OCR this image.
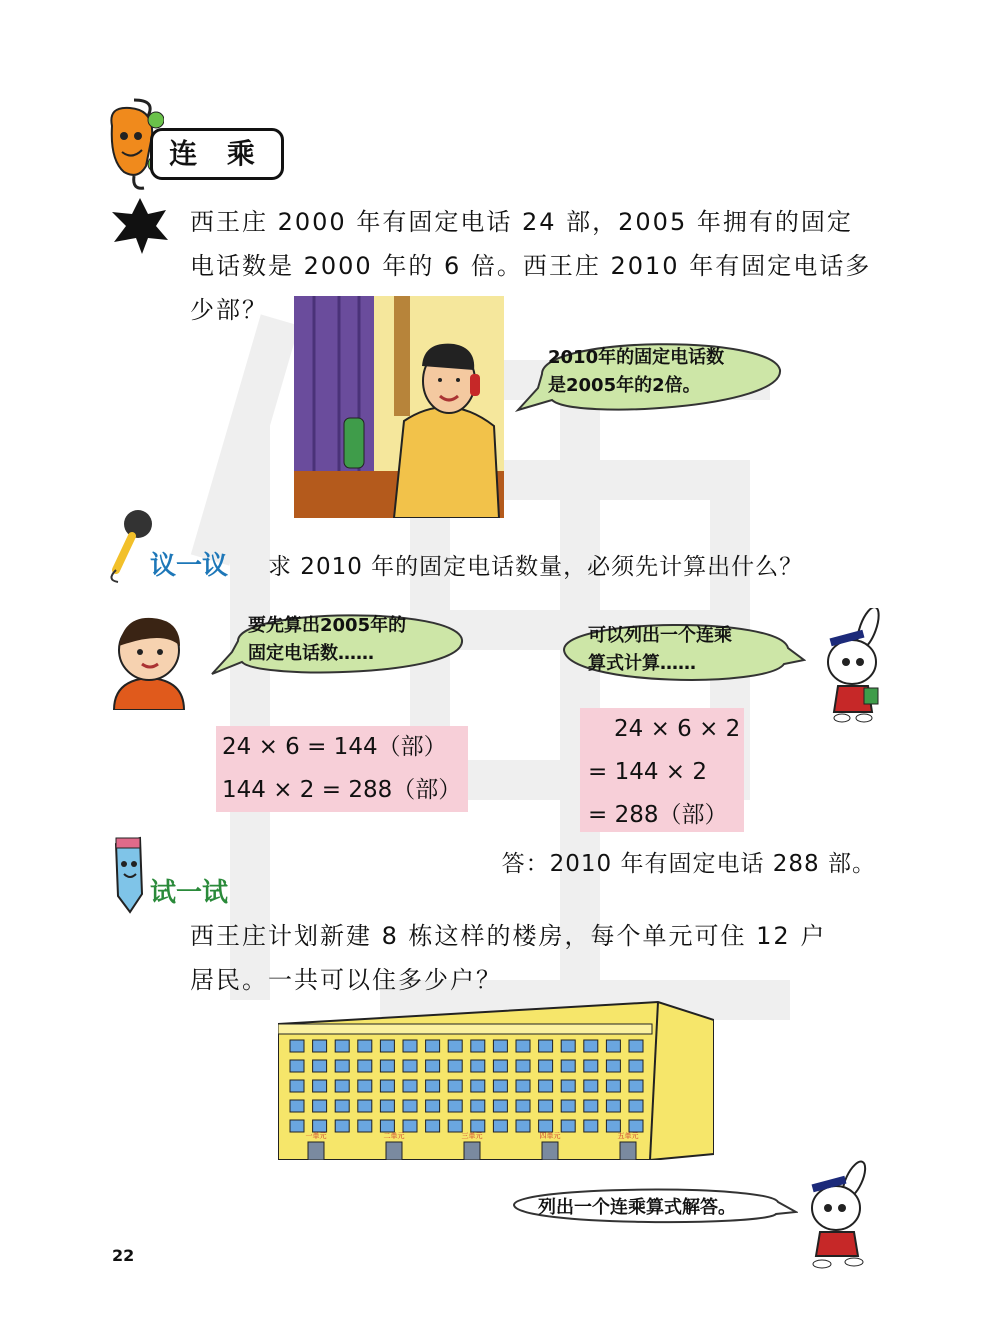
连 乘
西王庄 2000 年有固定电话 24 部，2005 年拥有的固定
电话数是 2000 年的 6 倍。西王庄 2010 年有固定电话多
少部？
2010年的固定电话数
是2005年的2倍。
议一议 求 2010 年的固定电话数量，必须先计算出什么？
要先算出2005年的
固定电话数……
可以列出一个连乘
算式计算……
24 × 6 = 144（部）
144 × 2 = 288（部）
24 × 6 × 2
= 144 × 2
= 288（部）
答：2010 年有固定电话 288 部。
试一试
西王庄计划新建 8 栋这样的楼房，每个单元可住 12 户
居民。一共可以住多少户？
一单元	二单元	三单元	四单元	五单元
列出一个连乘算式解答。
22
